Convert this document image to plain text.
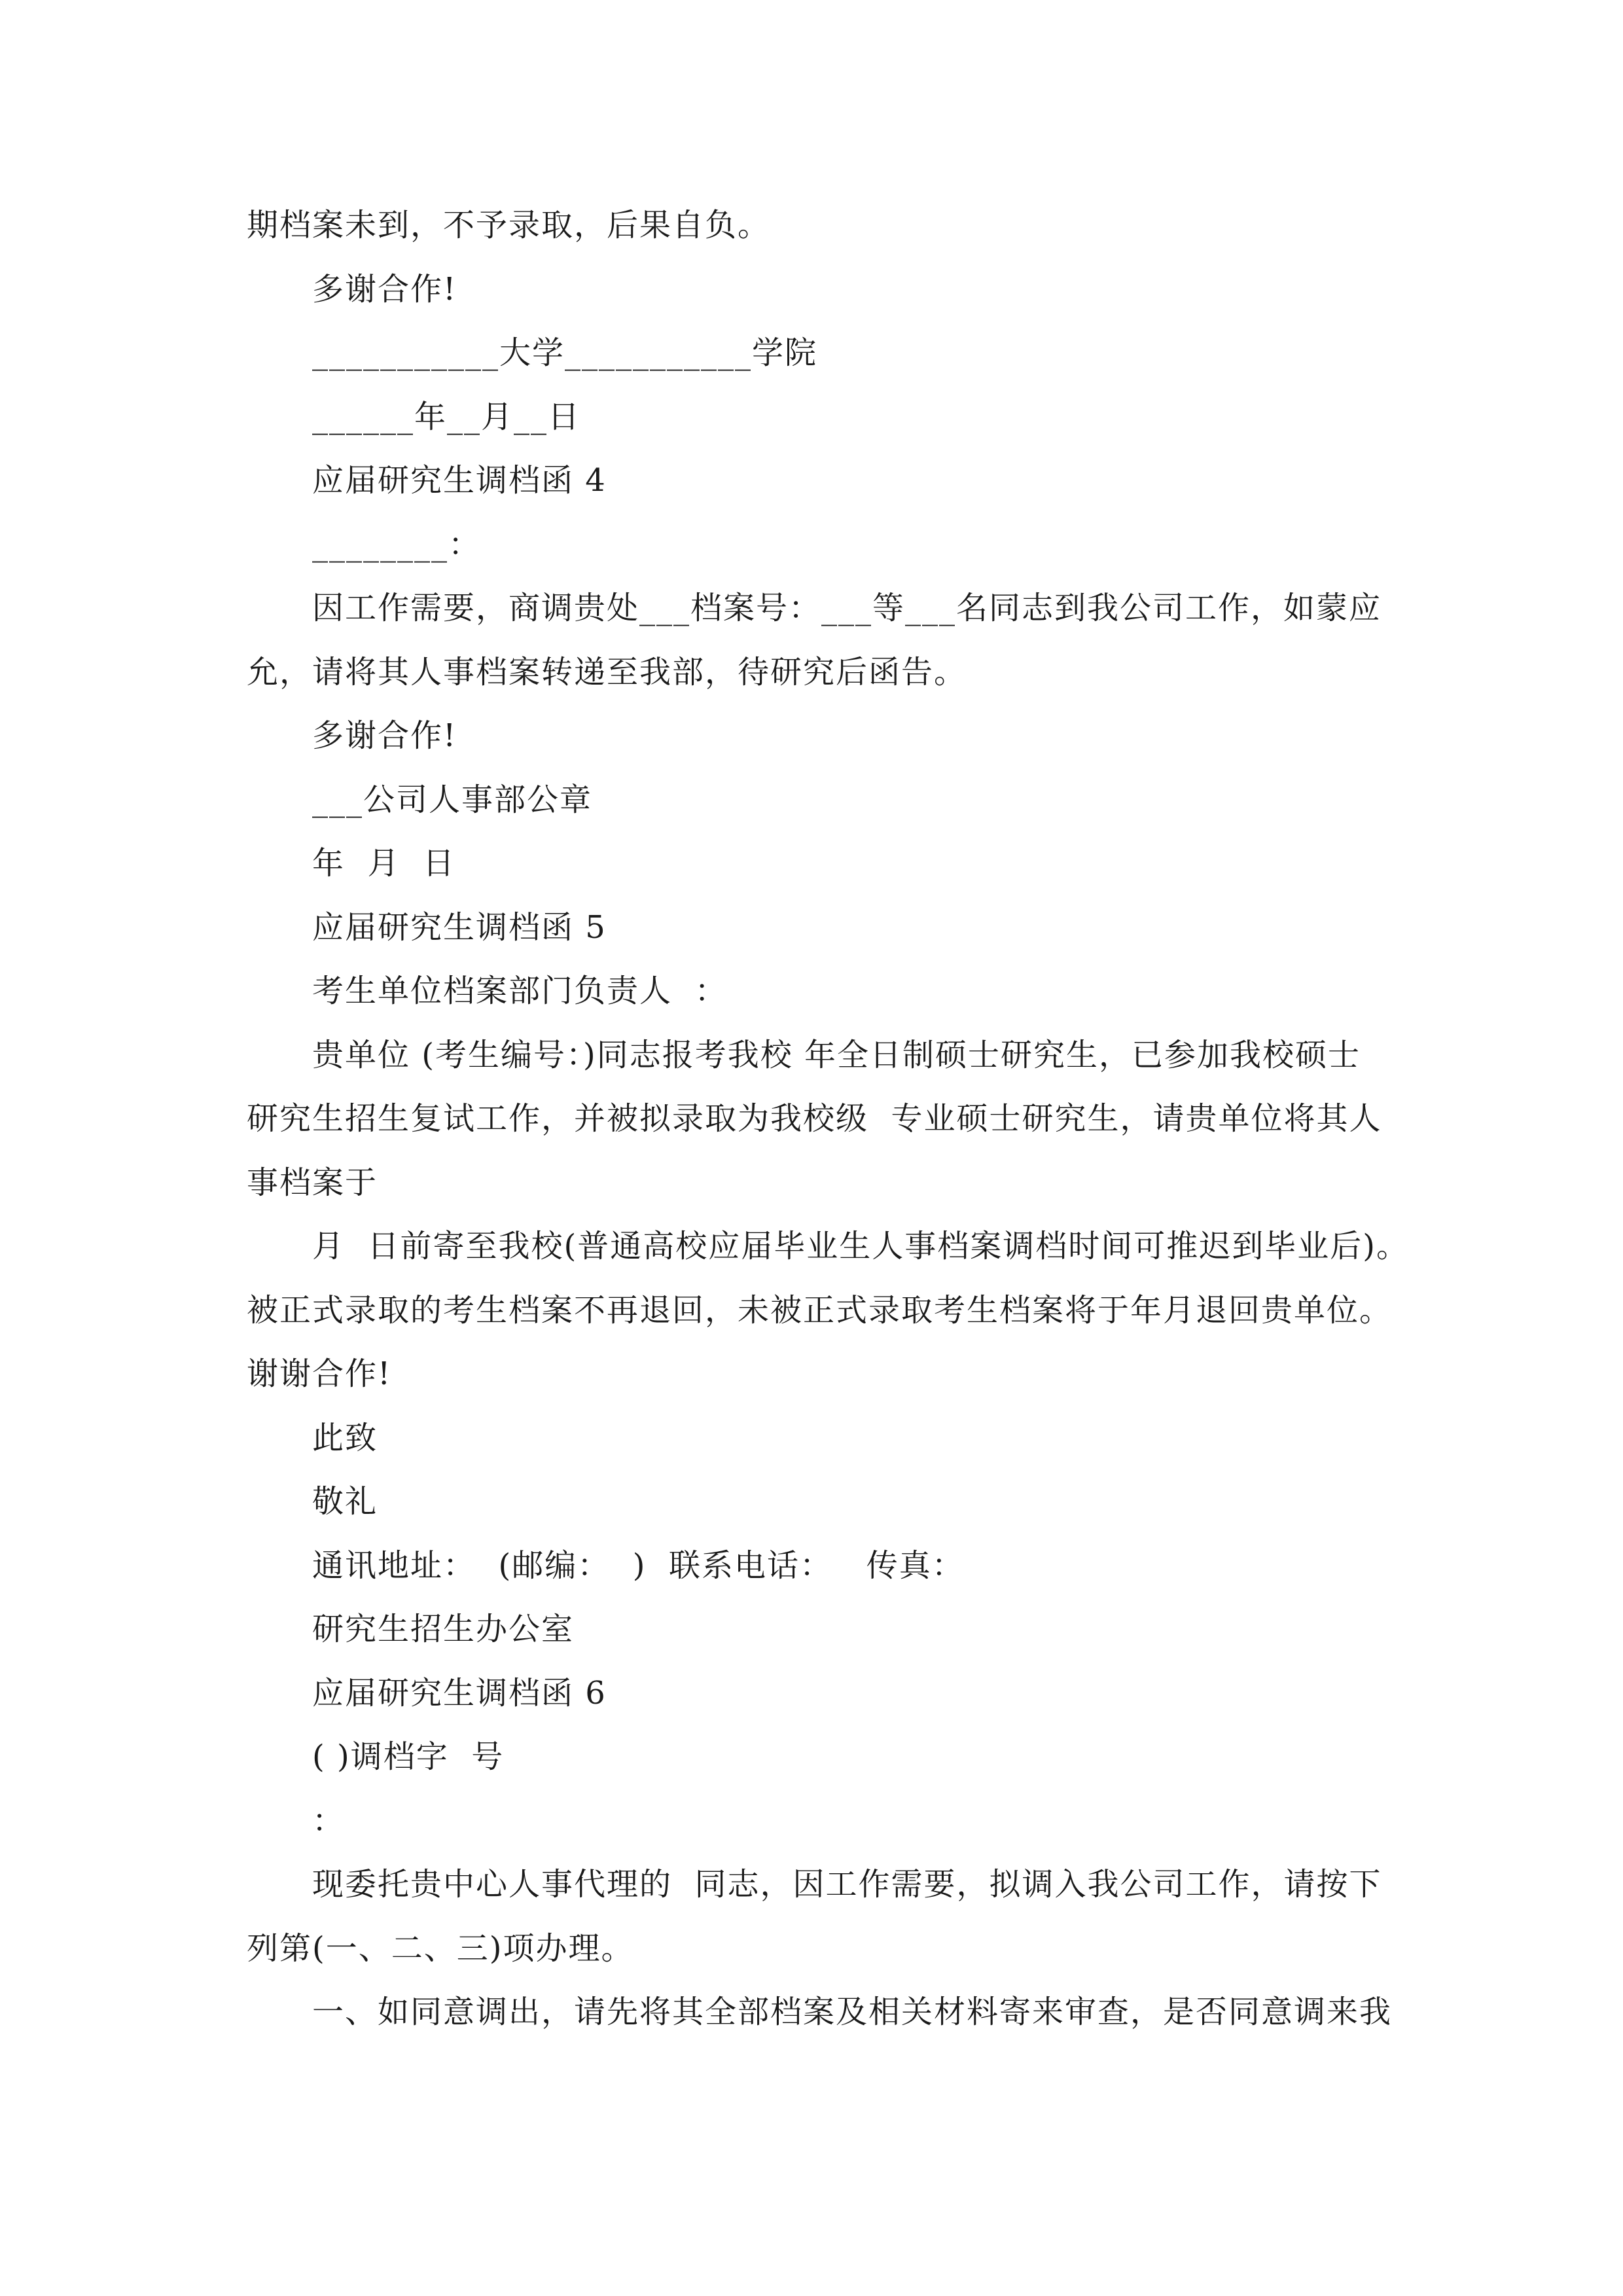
期档案未到，不予录取，后果自负。
多谢合作!
___________大学___________学院
______年__月__日
应届研究生调档函 4
________：
因工作需要，商调贵处___档案号：___等___名同志到我公司工作，如蒙应
允，请将其人事档案转递至我部，待研究后函告。
多谢合作!
___公司人事部公章
年  月  日
应届研究生调档函 5
考生单位档案部门负责人  ：
贵单位 (考生编号：)同志报考我校 年全日制硕士研究生，已参加我校硕士
研究生招生复试工作，并被拟录取为我校级  专业硕士研究生，请贵单位将其人
事档案于
月  日前寄至我校(普通高校应届毕业生人事档案调档时间可推迟到毕业后)。
被正式录取的考生档案不再退回，未被正式录取考生档案将于年月退回贵单位。
谢谢合作!
此致
敬礼
通讯地址：  (邮编：  )  联系电话：   传真：
研究生招生办公室
应届研究生调档函 6
( )调档字  号
：
现委托贵中心人事代理的  同志，因工作需要，拟调入我公司工作，请按下
列第(一、二、三)项办理。
一、如同意调出，请先将其全部档案及相关材料寄来审查，是否同意调来我
